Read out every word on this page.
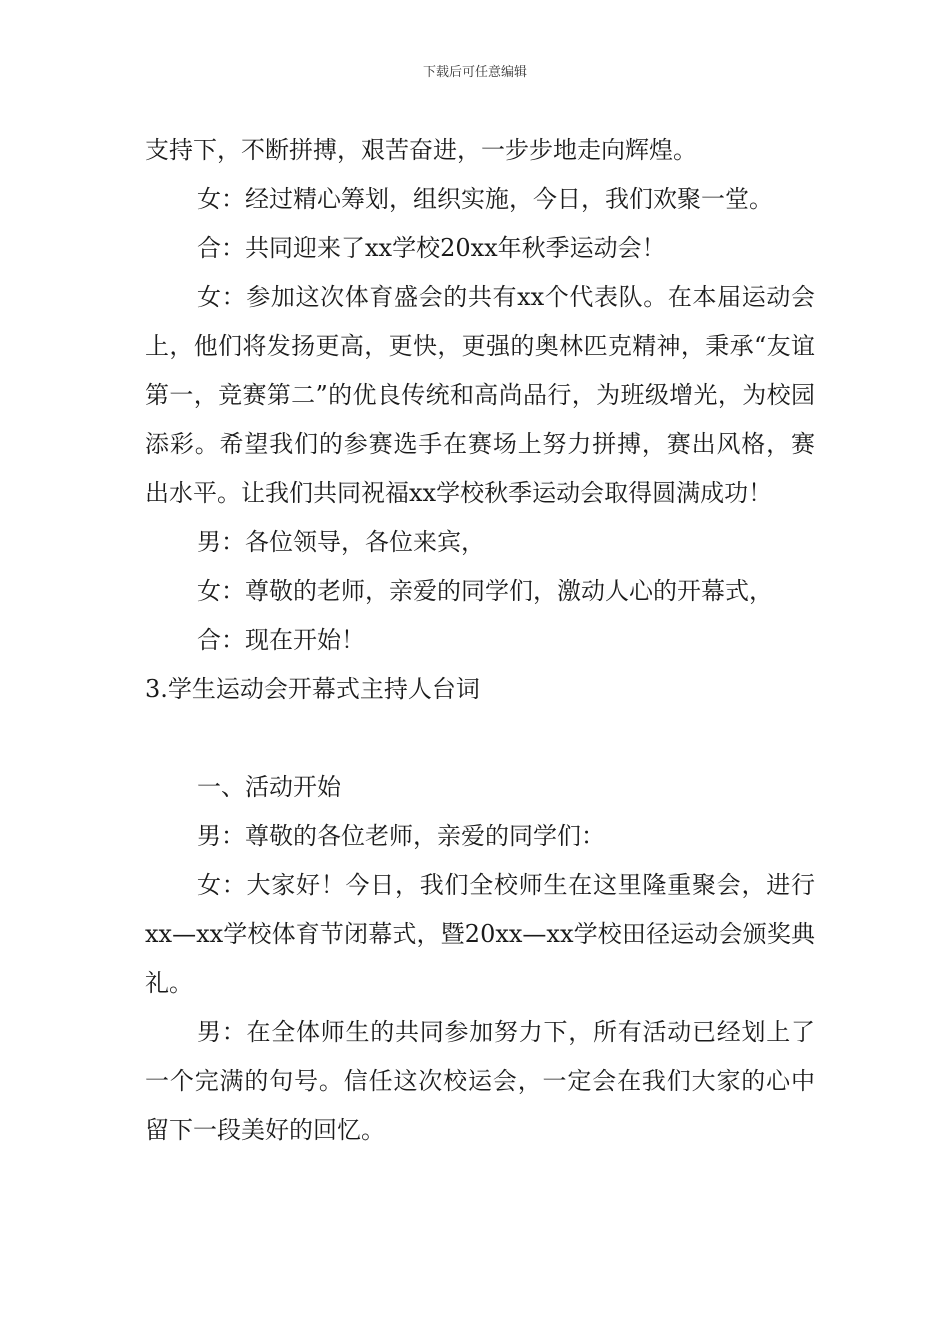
下载后可任意编辑

支持下，不断拼搏，艰苦奋进，一步步地走向辉煌。

女：经过精心筹划，组织实施，今日，我们欢聚一堂。

合：共同迎来了xx学校20xx年秋季运动会！

女：参加这次体育盛会的共有xx个代表队。在本届运动会上，他们将发扬更高，更快，更强的奥林匹克精神，秉承“友谊第一，竞赛第二”的优良传统和高尚品行，为班级增光，为校园添彩。希望我们的参赛选手在赛场上努力拼搏，赛出风格，赛出水平。让我们共同祝福xx学校秋季运动会取得圆满成功！

男：各位领导，各位来宾，

女：尊敬的老师，亲爱的同学们，激动人心的开幕式，

合：现在开始！

3.学生运动会开幕式主持人台词

一、活动开始

男：尊敬的各位老师，亲爱的同学们：

女：大家好！今日，我们全校师生在这里隆重聚会，进行xx—xx学校体育节闭幕式，暨20xx—xx学校田径运动会颁奖典礼。

男：在全体师生的共同参加努力下，所有活动已经划上了一个完满的句号。信任这次校运会，一定会在我们大家的心中留下一段美好的回忆。
